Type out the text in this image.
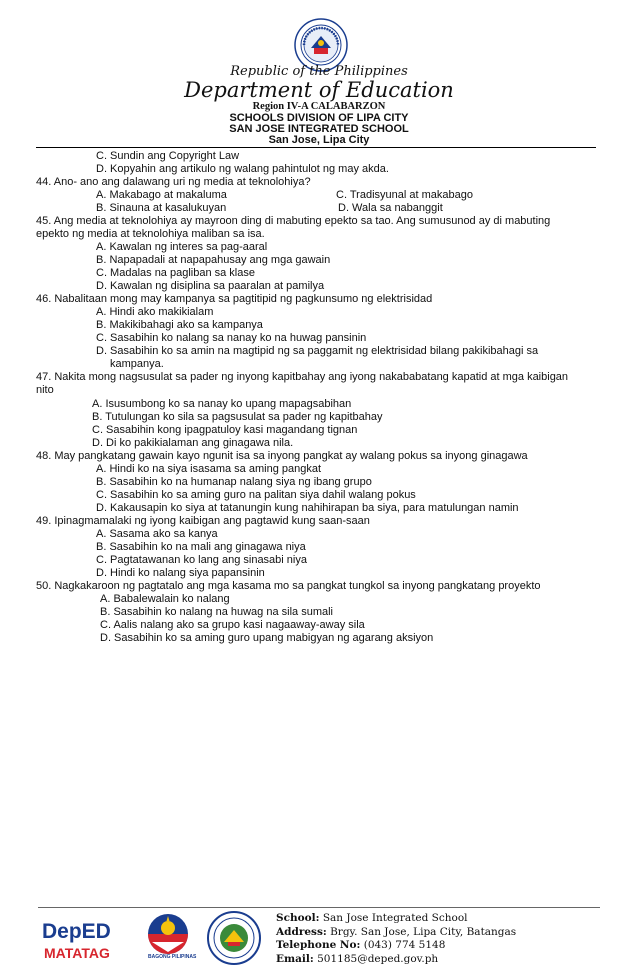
Republic of the Philippines
Department of Education
Region IV-A CALABARZON
SCHOOLS DIVISION OF LIPA CITY
SAN JOSE INTEGRATED SCHOOL
San Jose, Lipa City
C. Sundin ang Copyright Law
D. Kopyahin ang artikulo ng walang pahintulot ng may akda.
44. Ano- ano ang dalawang uri ng media at teknolohiya?
A. Makabago at makaluma	C. Tradisyunal at makabago
B. Sinauna at kasalukuyan	D. Wala sa nabanggit
45. Ang media at teknolohiya ay mayroon ding di mabuting epekto sa tao. Ang sumusunod ay di mabuting
epekto ng media at teknolohiya maliban sa isa.
A. Kawalan ng interes sa pag-aaral
B. Napapadali at napapahusay ang mga gawain
C. Madalas na pagliban sa klase
D. Kawalan ng disiplina sa paaralan at pamilya
46. Nabalitaan mong may kampanya sa pagtitipid ng pagkunsumo ng elektrisidad
A. Hindi ako makikialam
B. Makikibahagi ako sa kampanya
C. Sasabihin ko nalang sa nanay ko na huwag pansinin
D. Sasabihin ko sa amin na magtipid ng sa paggamit ng elektrisidad bilang pakikibahagi sa
kampanya.
47. Nakita mong nagsusulat sa pader ng inyong kapitbahay ang iyong nakababatang kapatid at mga kaibigan
nito
A. Isusumbong ko sa nanay ko upang mapagsabihan
B. Tutulungan ko sila sa pagsusulat sa pader ng kapitbahay
C. Sasabihin kong ipagpatuloy kasi magandang tignan
D. Di ko pakikialaman ang ginagawa nila.
48. May pangkatang gawain kayo ngunit isa sa inyong pangkat ay walang pokus sa inyong ginagawa
A. Hindi ko na siya isasama sa aming pangkat
B. Sasabihin ko na humanap nalang siya ng ibang grupo
C. Sasabihin ko sa aming guro na palitan siya dahil walang pokus
D. Kakausapin ko siya at tatanungin kung nahihirapan ba siya, para matulungan namin
49. Ipinagmamalaki ng iyong kaibigan ang pagtawid kung saan-saan
A. Sasama ako sa kanya
B. Sasabihin ko na mali ang ginagawa niya
C. Pagtatawanan ko lang ang sinasabi niya
D. Hindi ko nalang siya papansinin
50. Nagkakaroon ng pagtatalo ang mga kasama mo sa pangkat tungkol sa inyong pangkatang proyekto
A. Babalewalain ko nalang
B. Sasabihin ko nalang na huwag na sila sumali
C. Aalis nalang ako sa grupo kasi nagaaway-away sila
D. Sasabihin ko sa aming guro upang mabigyan ng agarang aksiyon
DepED
MATATAG	BAGONG PILIPINAS
School: San Jose Integrated School
Address: Brgy. San Jose, Lipa City, Batangas
Telephone No: (043) 774 5148
Email: 501185@deped.gov.ph
